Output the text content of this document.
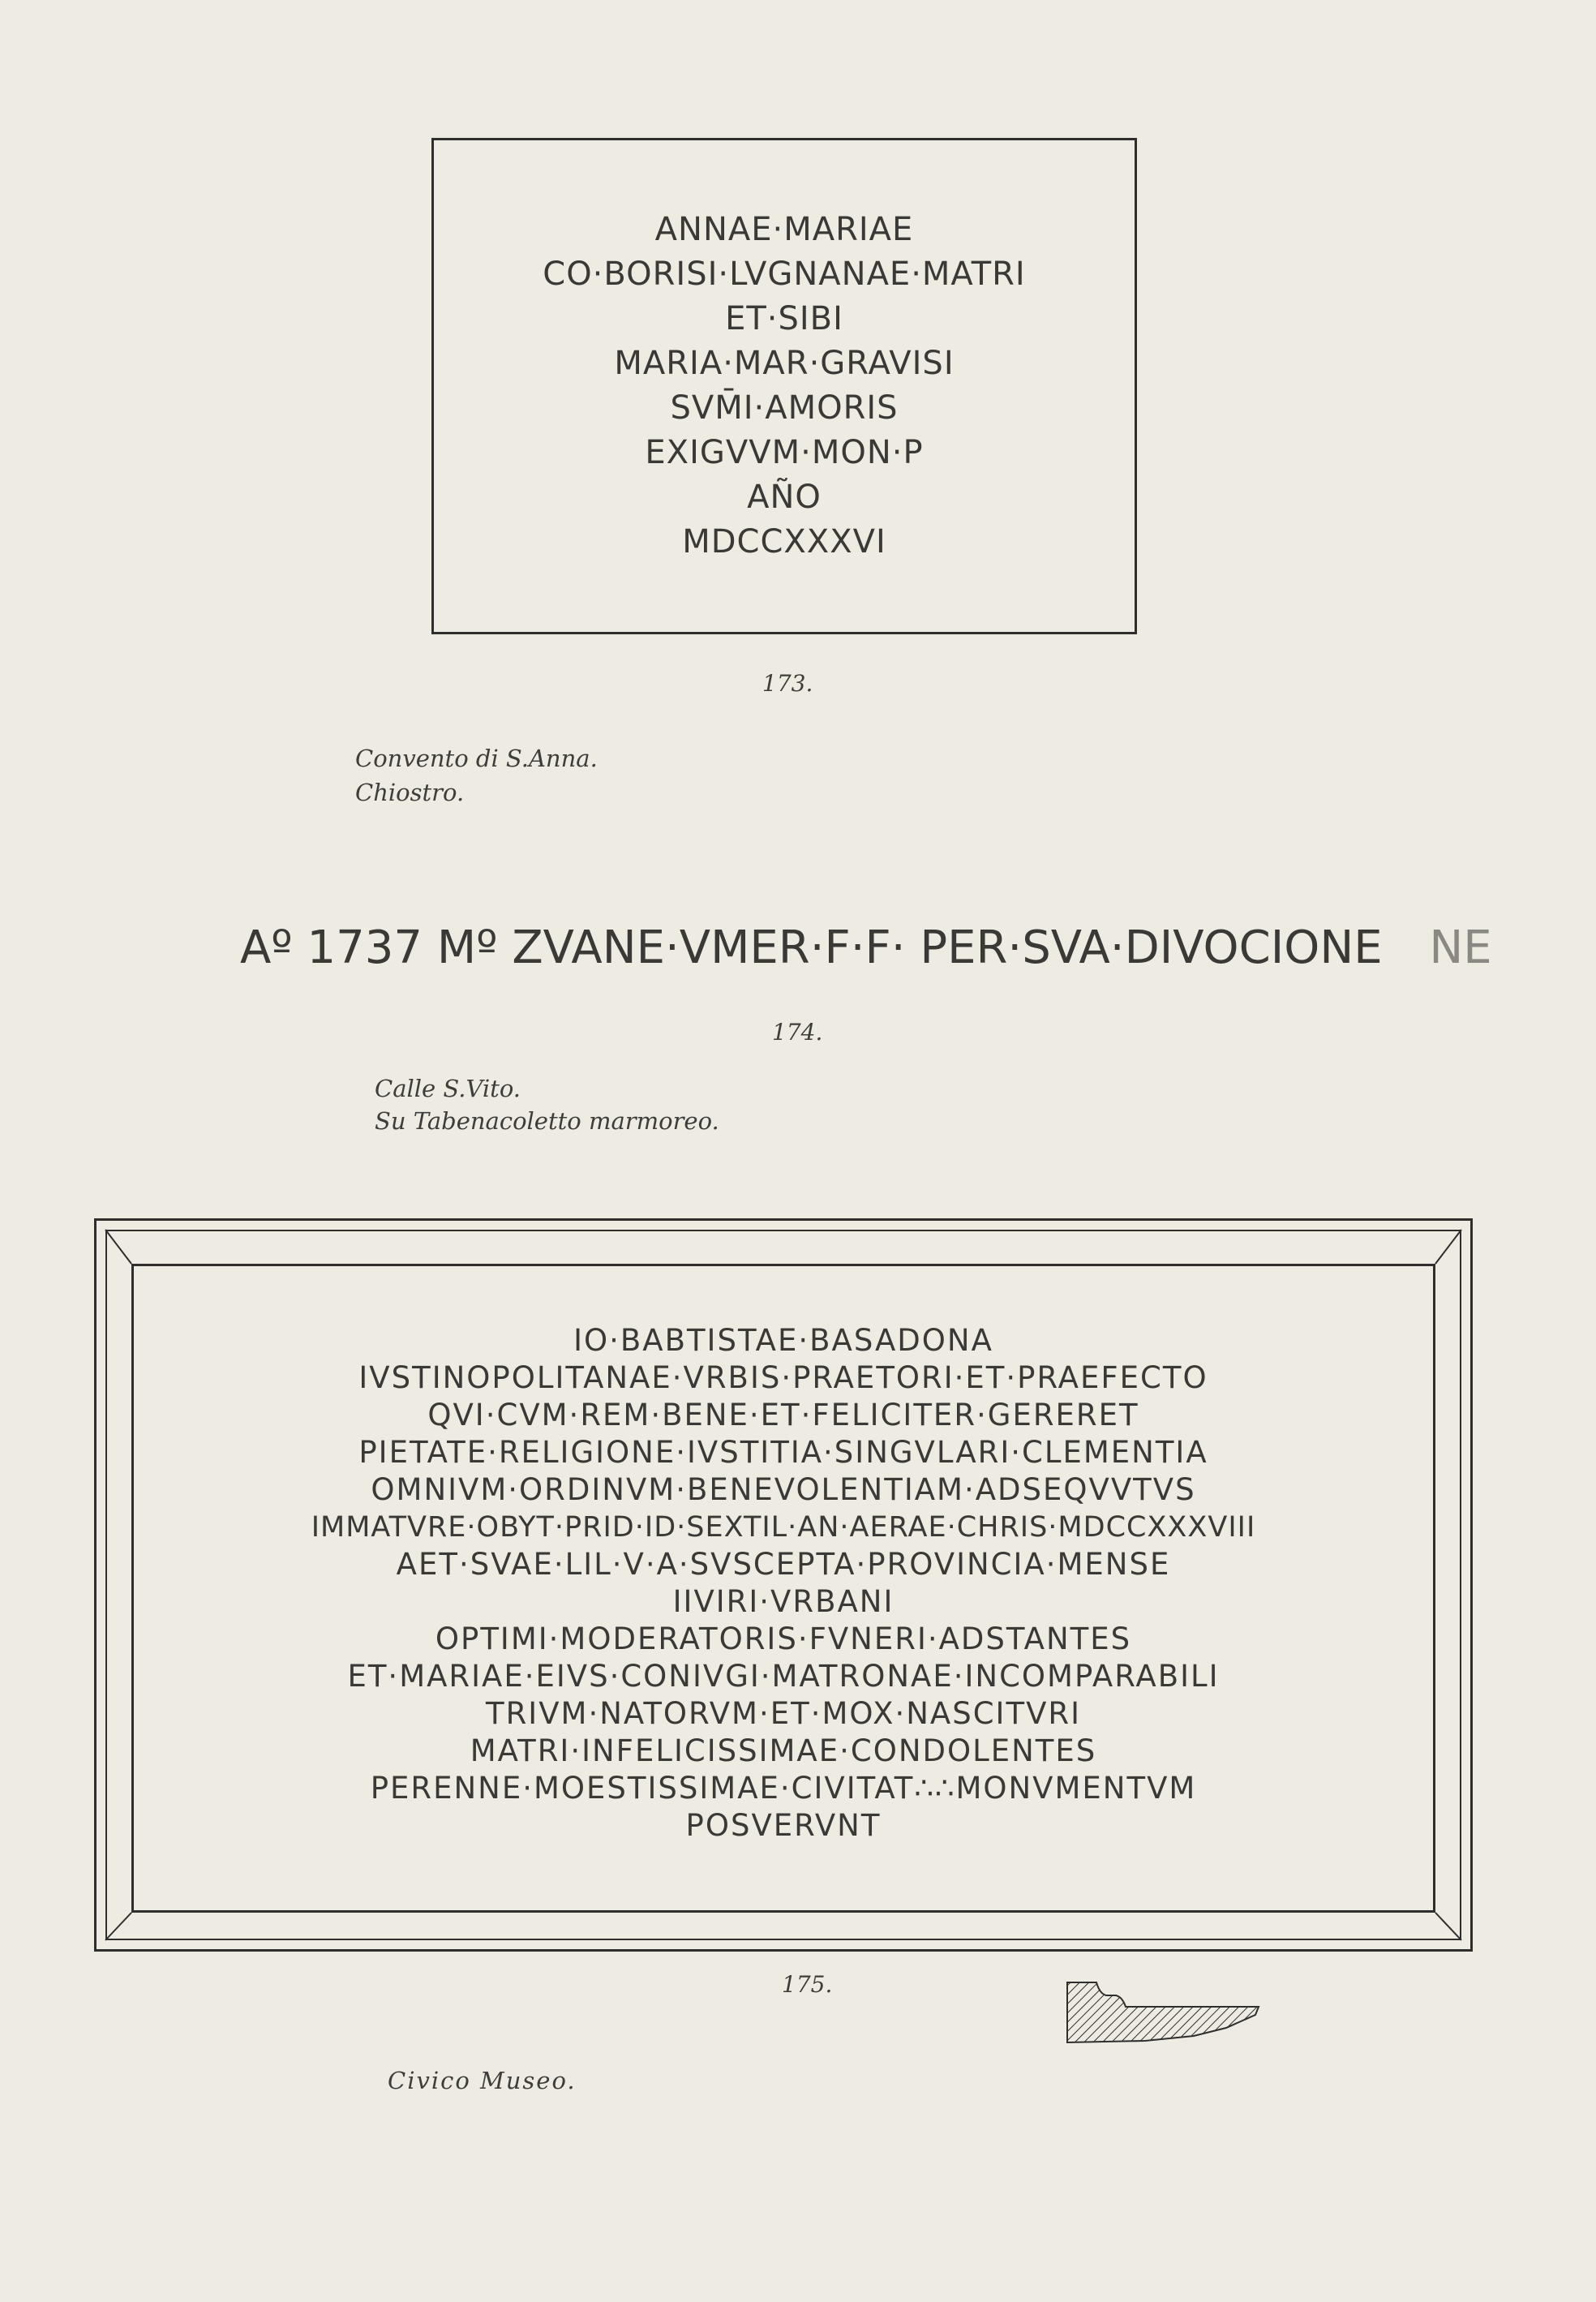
ANNAE·MARIAE
CO·BORISI·LVGNANAE·MATRI
ET·SIBI
MARIA·MAR·GRAVISI
SVM̄I·AMORIS
EXIGVVM·MON·P
AÑO
MDCCXXXVI
173.
Convento di S.Anna.
Chiostro.
Aº 1737 Mº ZVANE·VMER·F·F· PER·SVA·DIVOCIONE NE
174.
Calle S.Vito.
Su Tabenacoletto marmoreo.
IO·BABTISTAE·BASADONA
IVSTINOPOLITANAE·VRBIS·PRAETORI·ET·PRAEFECTO
QVI·CVM·REM·BENE·ET·FELICITER·GERERET
PIETATE·RELIGIONE·IVSTITIA·SINGVLARI·CLEMENTIA
OMNIVM·ORDINVM·BENEVOLENTIAM·ADSEQVVTVS
IMMATVRE·OBYT·PRID·ID·SEXTIL·AN·AERAE·CHRIS·MDCCXXXVIII
AET·SVAE·LIL·V·A·SVSCEPTA·PROVINCIA·MENSE
IIVIRI·VRBANI
OPTIMI·MODERATORIS·FVNERI·ADSTANTES
ET·MARIAE·EIVS·CONIVGI·MATRONAE·INCOMPARABILI
TRIVM·NATORVM·ET·MOX·NASCITVRI
MATRI·INFELICISSIMAE·CONDOLENTES
PERENNE·MOESTISSIMAE·CIVITAT∴∴MONVMENTVM
POSVERVNT
175.
Civico Museo.
